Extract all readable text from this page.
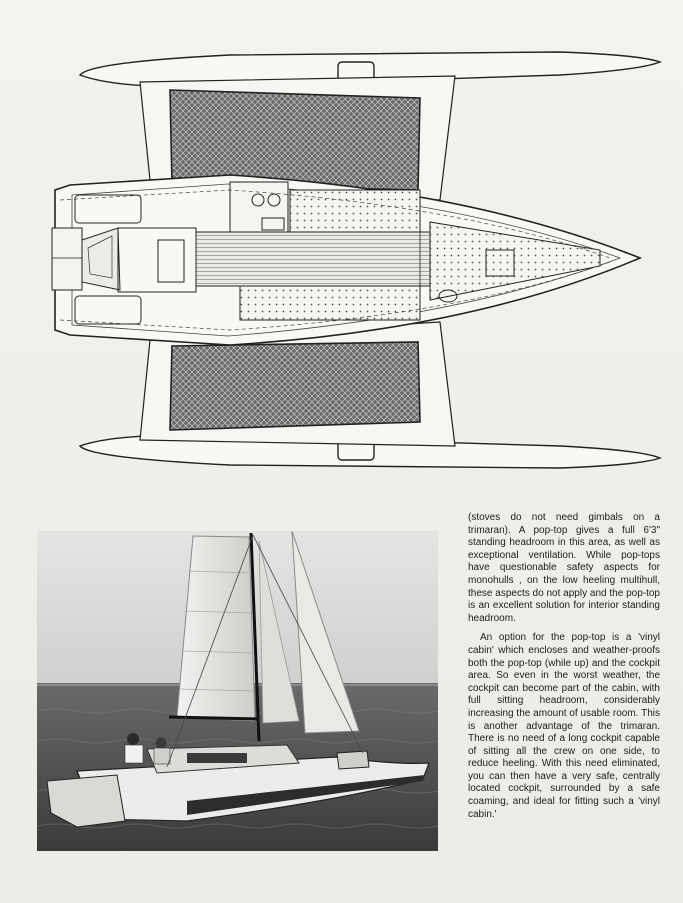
(stoves do not need gimbals on a trimaran). A pop-top gives a full 6'3" standing headroom in this area, as well as exceptional ventilation. While pop-tops have questionable safety aspects for monohulls , on the low heeling multihull, these aspects do not apply and the pop-top is an excellent solution for interior standing headroom.

An option for the pop-top is a 'vinyl cabin' which encloses and weather-proofs both the pop-top (while up) and the cockpit area. So even in the worst weather, the cockpit can become part of the cabin, with full sitting headroom, considerably increasing the amount of usable room. This is another advantage of the trimaran. There is no need of a long cockpit capable of sitting all the crew on one side, to reduce heeling. With this need eliminated, you can then have a very safe, centrally located cockpit, surrounded by a safe coaming, and ideal for fitting such a 'vinyl cabin.'
